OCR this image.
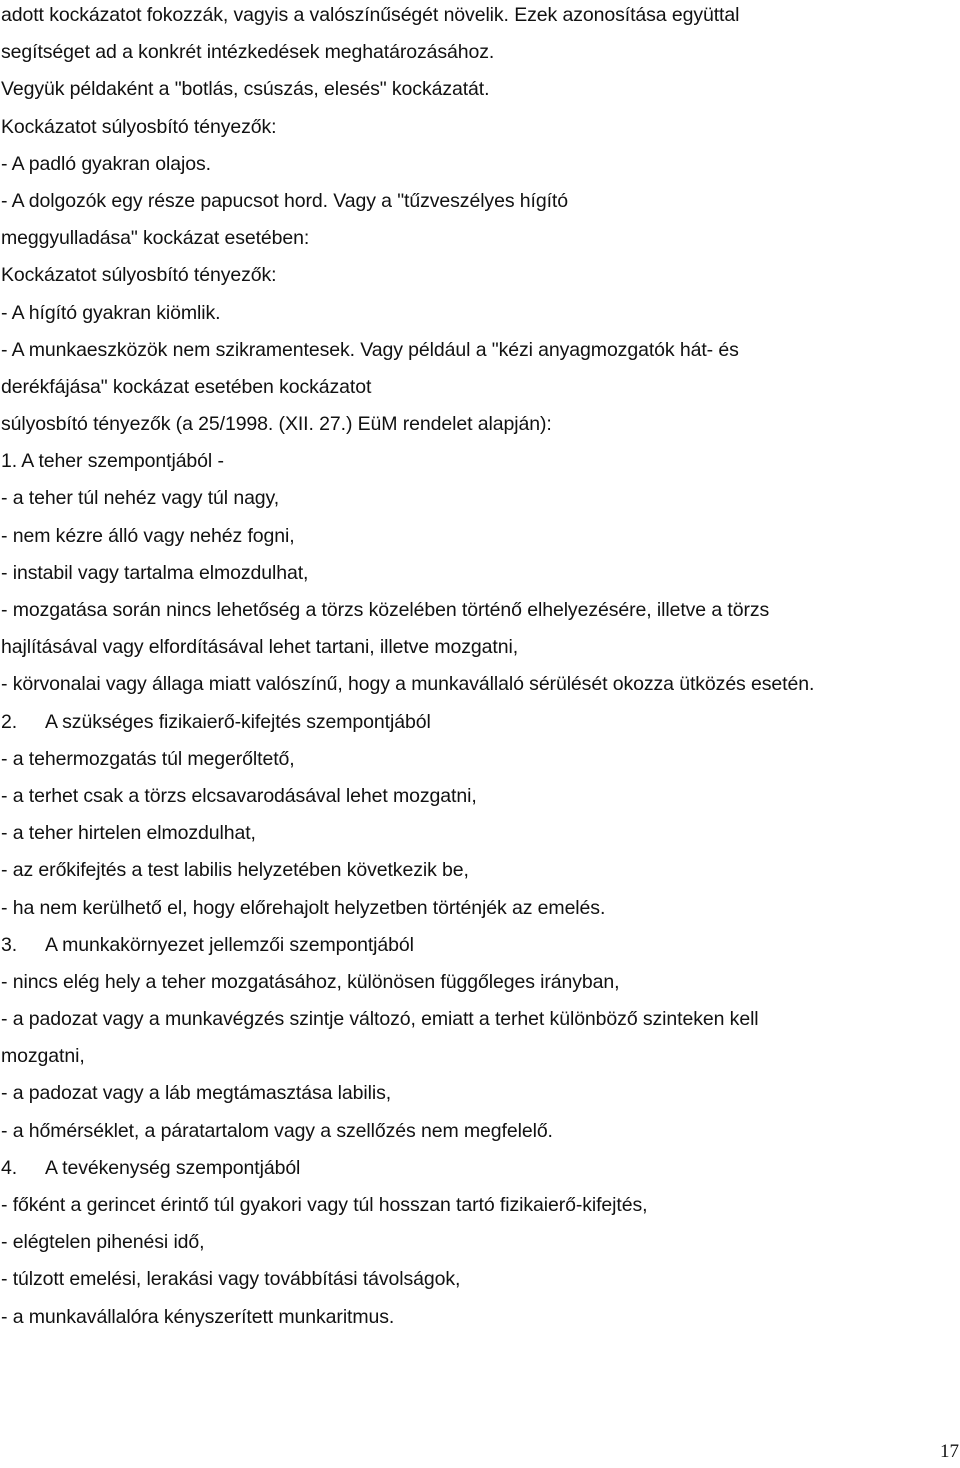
adott kockázatot fokozzák, vagyis a valószínűségét növelik. Ezek azonosítása együttal
segítséget ad a konkrét intézkedések meghatározásához.
Vegyük példaként a "botlás, csúszás, elesés" kockázatát.
Kockázatot súlyosbító tényezők:
- A padló gyakran olajos.
- A dolgozók egy része papucsot hord. Vagy a "tűzveszélyes hígító
meggyulladása" kockázat esetében:
Kockázatot súlyosbító tényezők:
- A hígító gyakran kiömlik.
- A munkaeszközök nem szikramentesek. Vagy például a "kézi anyagmozgatók hát- és
derékfájása" kockázat esetében kockázatot
súlyosbító tényezők (a 25/1998. (XII. 27.) EüM rendelet alapján):
1. A teher szempontjából -
- a teher túl nehéz vagy túl nagy,
- nem kézre álló vagy nehéz fogni,
- instabil vagy tartalma elmozdulhat,
- mozgatása során nincs lehetőség a törzs közelében történő elhelyezésére, illetve a törzs
hajlításával vagy elfordításával lehet tartani, illetve mozgatni,
- körvonalai vagy állaga miatt valószínű, hogy a munkavállaló sérülését okozza ütközés esetén.
2. A szükséges fizikaierő-kifejtés szempontjából
- a tehermozgatás túl megerőltető,
- a terhet csak a törzs elcsavarodásával lehet mozgatni,
- a teher hirtelen elmozdulhat,
- az erőkifejtés a test labilis helyzetében következik be,
- ha nem kerülhető el, hogy előrehajolt helyzetben történjék az emelés.
3. A munkakörnyezet jellemzői szempontjából
- nincs elég hely a teher mozgatásához, különösen függőleges irányban,
- a padozat vagy a munkavégzés szintje változó, emiatt a terhet különböző szinteken kell
mozgatni,
- a padozat vagy a láb megtámasztása labilis,
- a hőmérséklet, a páratartalom vagy a szellőzés nem megfelelő.
4. A tevékenység szempontjából
- főként a gerincet érintő túl gyakori vagy túl hosszan tartó fizikaierő-kifejtés,
- elégtelen pihenési idő,
- túlzott emelési, lerakási vagy továbbítási távolságok,
- a munkavállalóra kényszerített munkaritmus.
17
